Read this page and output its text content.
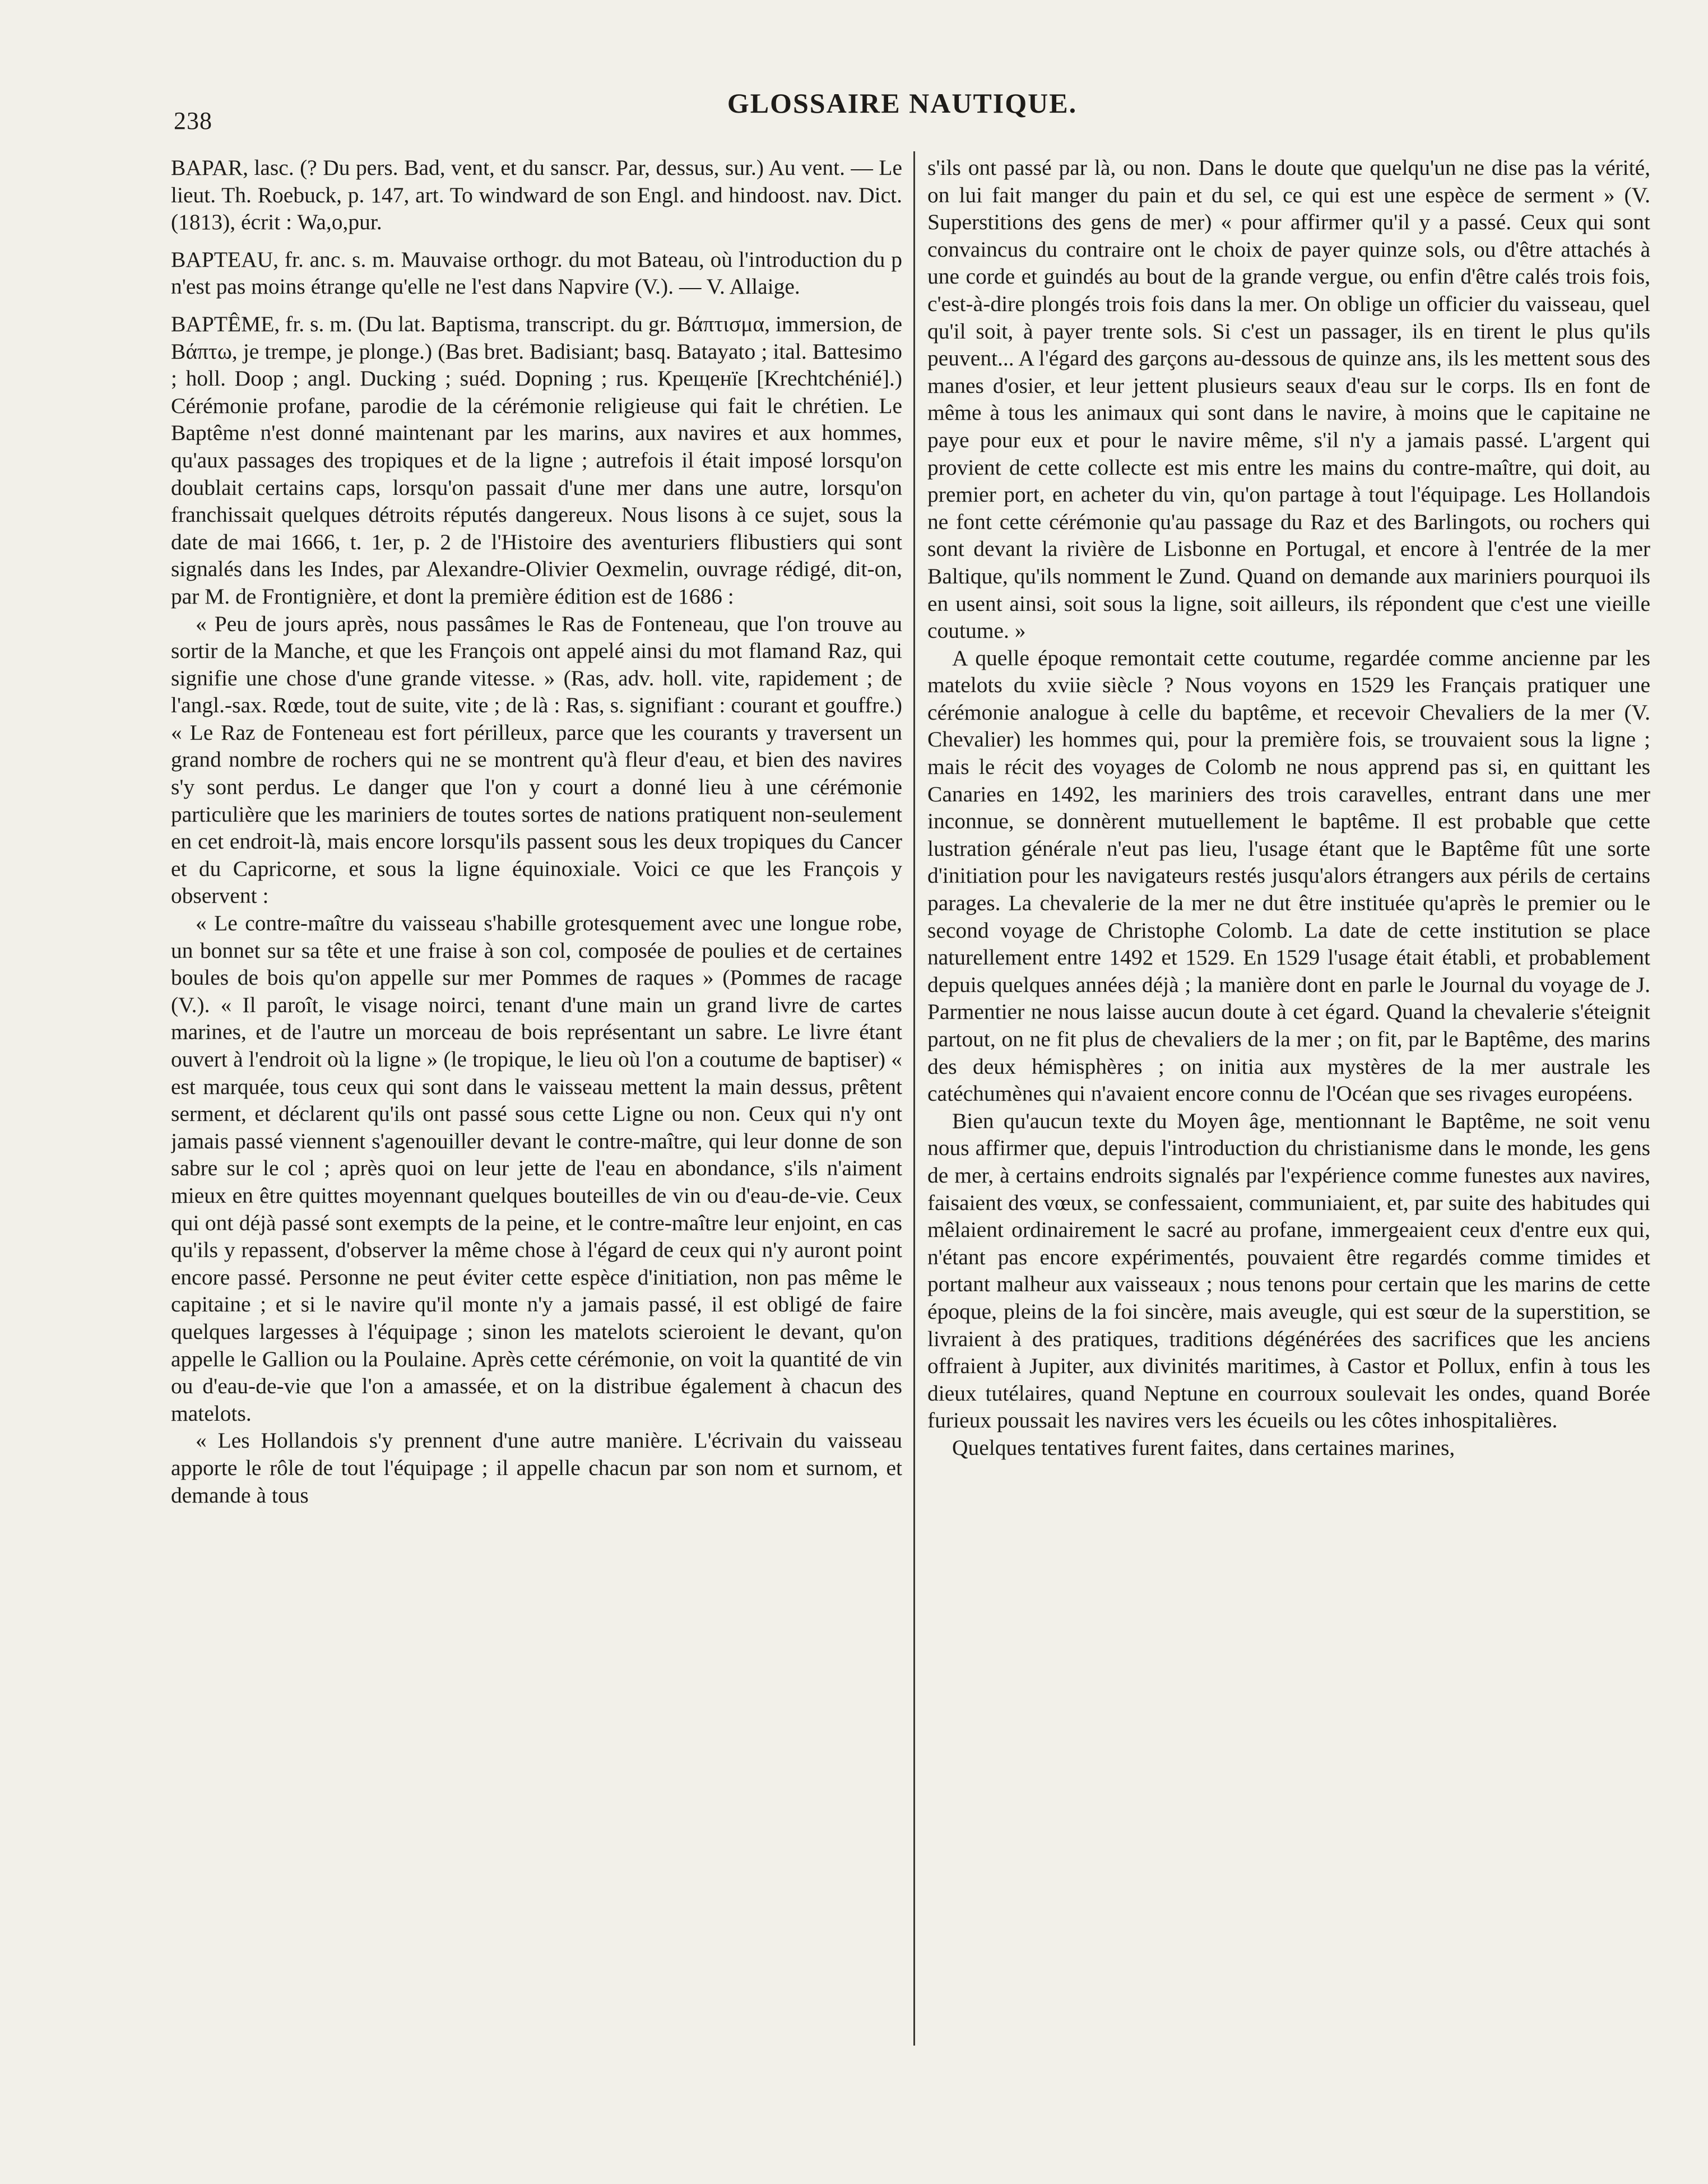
238
GLOSSAIRE NAUTIQUE.

BAPAR, lasc. (? Du pers. Bad, vent, et du sanscr. Par, dessus, sur.) Au vent. — Le lieut. Th. Roebuck, p. 147, art. To windward de son Engl. and hindoost. nav. Dict. (1813), écrit : Wa,o,pur.

BAPTEAU, fr. anc. s. m. Mauvaise orthogr. du mot Bateau, où l'introduction du p n'est pas moins étrange qu'elle ne l'est dans Napvire (V.). — V. Allaige.

BAPTÊME, fr. s. m. (Du lat. Baptisma, transcript. du gr. Βάπτισμα, immersion, de Βάπτω, je trempe, je plonge.) (Bas bret. Badisiant; basq. Batayato ; ital. Battesimo ; holl. Doop ; angl. Ducking ; suéd. Dopning ; rus. Крещенїе [Krechtchénié].) Cérémonie profane, parodie de la cérémonie religieuse qui fait le chrétien. Le Baptême n'est donné maintenant par les marins, aux navires et aux hommes, qu'aux passages des tropiques et de la ligne ; autrefois il était imposé lorsqu'on doublait certains caps, lorsqu'on passait d'une mer dans une autre, lorsqu'on franchissait quelques détroits réputés dangereux. Nous lisons à ce sujet, sous la date de mai 1666, t. 1er, p. 2 de l'Histoire des aventuriers flibustiers qui sont signalés dans les Indes, par Alexandre-Olivier Oexmelin, ouvrage rédigé, dit-on, par M. de Frontignière, et dont la première édition est de 1686 :

« Peu de jours après, nous passâmes le Ras de Fonteneau, que l'on trouve au sortir de la Manche, et que les François ont appelé ainsi du mot flamand Raz, qui signifie une chose d'une grande vitesse. » (Ras, adv. holl. vite, rapidement ; de l'angl.-sax. Rœde, tout de suite, vite ; de là : Ras, s. signifiant : courant et gouffre.) « Le Raz de Fonteneau est fort périlleux, parce que les courants y traversent un grand nombre de rochers qui ne se montrent qu'à fleur d'eau, et bien des navires s'y sont perdus. Le danger que l'on y court a donné lieu à une cérémonie particulière que les mariniers de toutes sortes de nations pratiquent non-seulement en cet endroit-là, mais encore lorsqu'ils passent sous les deux tropiques du Cancer et du Capricorne, et sous la ligne équinoxiale. Voici ce que les François y observent :

« Le contre-maître du vaisseau s'habille grotesquement avec une longue robe, un bonnet sur sa tête et une fraise à son col, composée de poulies et de certaines boules de bois qu'on appelle sur mer Pommes de raques » (Pommes de racage (V.). « Il paroît, le visage noirci, tenant d'une main un grand livre de cartes marines, et de l'autre un morceau de bois représentant un sabre. Le livre étant ouvert à l'endroit où la ligne » (le tropique, le lieu où l'on a coutume de baptiser) « est marquée, tous ceux qui sont dans le vaisseau mettent la main dessus, prêtent serment, et déclarent qu'ils ont passé sous cette Ligne ou non. Ceux qui n'y ont jamais passé viennent s'agenouiller devant le contre-maître, qui leur donne de son sabre sur le col ; après quoi on leur jette de l'eau en abondance, s'ils n'aiment mieux en être quittes moyennant quelques bouteilles de vin ou d'eau-de-vie. Ceux qui ont déjà passé sont exempts de la peine, et le contre-maître leur enjoint, en cas qu'ils y repassent, d'observer la même chose à l'égard de ceux qui n'y auront point encore passé. Personne ne peut éviter cette espèce d'initiation, non pas même le capitaine ; et si le navire qu'il monte n'y a jamais passé, il est obligé de faire quelques largesses à l'équipage ; sinon les matelots scieroient le devant, qu'on appelle le Gallion ou la Poulaine. Après cette cérémonie, on voit la quantité de vin ou d'eau-de-vie que l'on a amassée, et on la distribue également à chacun des matelots.

« Les Hollandois s'y prennent d'une autre manière. L'écrivain du vaisseau apporte le rôle de tout l'équipage ; il appelle chacun par son nom et surnom, et demande à tous

s'ils ont passé par là, ou non. Dans le doute que quelqu'un ne dise pas la vérité, on lui fait manger du pain et du sel, ce qui est une espèce de serment » (V. Superstitions des gens de mer) « pour affirmer qu'il y a passé. Ceux qui sont convaincus du contraire ont le choix de payer quinze sols, ou d'être attachés à une corde et guindés au bout de la grande vergue, ou enfin d'être calés trois fois, c'est-à-dire plongés trois fois dans la mer. On oblige un officier du vaisseau, quel qu'il soit, à payer trente sols. Si c'est un passager, ils en tirent le plus qu'ils peuvent... A l'égard des garçons au-dessous de quinze ans, ils les mettent sous des manes d'osier, et leur jettent plusieurs seaux d'eau sur le corps. Ils en font de même à tous les animaux qui sont dans le navire, à moins que le capitaine ne paye pour eux et pour le navire même, s'il n'y a jamais passé. L'argent qui provient de cette collecte est mis entre les mains du contre-maître, qui doit, au premier port, en acheter du vin, qu'on partage à tout l'équipage. Les Hollandois ne font cette cérémonie qu'au passage du Raz et des Barlingots, ou rochers qui sont devant la rivière de Lisbonne en Portugal, et encore à l'entrée de la mer Baltique, qu'ils nomment le Zund. Quand on demande aux mariniers pourquoi ils en usent ainsi, soit sous la ligne, soit ailleurs, ils répondent que c'est une vieille coutume. »

A quelle époque remontait cette coutume, regardée comme ancienne par les matelots du xviie siècle ? Nous voyons en 1529 les Français pratiquer une cérémonie analogue à celle du baptême, et recevoir Chevaliers de la mer (V. Chevalier) les hommes qui, pour la première fois, se trouvaient sous la ligne ; mais le récit des voyages de Colomb ne nous apprend pas si, en quittant les Canaries en 1492, les mariniers des trois caravelles, entrant dans une mer inconnue, se donnèrent mutuellement le baptême. Il est probable que cette lustration générale n'eut pas lieu, l'usage étant que le Baptême fût une sorte d'initiation pour les navigateurs restés jusqu'alors étrangers aux périls de certains parages. La chevalerie de la mer ne dut être instituée qu'après le premier ou le second voyage de Christophe Colomb. La date de cette institution se place naturellement entre 1492 et 1529. En 1529 l'usage était établi, et probablement depuis quelques années déjà ; la manière dont en parle le Journal du voyage de J. Parmentier ne nous laisse aucun doute à cet égard. Quand la chevalerie s'éteignit partout, on ne fit plus de chevaliers de la mer ; on fit, par le Baptême, des marins des deux hémisphères ; on initia aux mystères de la mer australe les catéchumènes qui n'avaient encore connu de l'Océan que ses rivages européens.

Bien qu'aucun texte du Moyen âge, mentionnant le Baptême, ne soit venu nous affirmer que, depuis l'introduction du christianisme dans le monde, les gens de mer, à certains endroits signalés par l'expérience comme funestes aux navires, faisaient des vœux, se confessaient, communiaient, et, par suite des habitudes qui mêlaient ordinairement le sacré au profane, immergeaient ceux d'entre eux qui, n'étant pas encore expérimentés, pouvaient être regardés comme timides et portant malheur aux vaisseaux ; nous tenons pour certain que les marins de cette époque, pleins de la foi sincère, mais aveugle, qui est sœur de la superstition, se livraient à des pratiques, traditions dégénérées des sacrifices que les anciens offraient à Jupiter, aux divinités maritimes, à Castor et Pollux, enfin à tous les dieux tutélaires, quand Neptune en courroux soulevait les ondes, quand Borée furieux poussait les navires vers les écueils ou les côtes inhospitalières.

Quelques tentatives furent faites, dans certaines marines,
